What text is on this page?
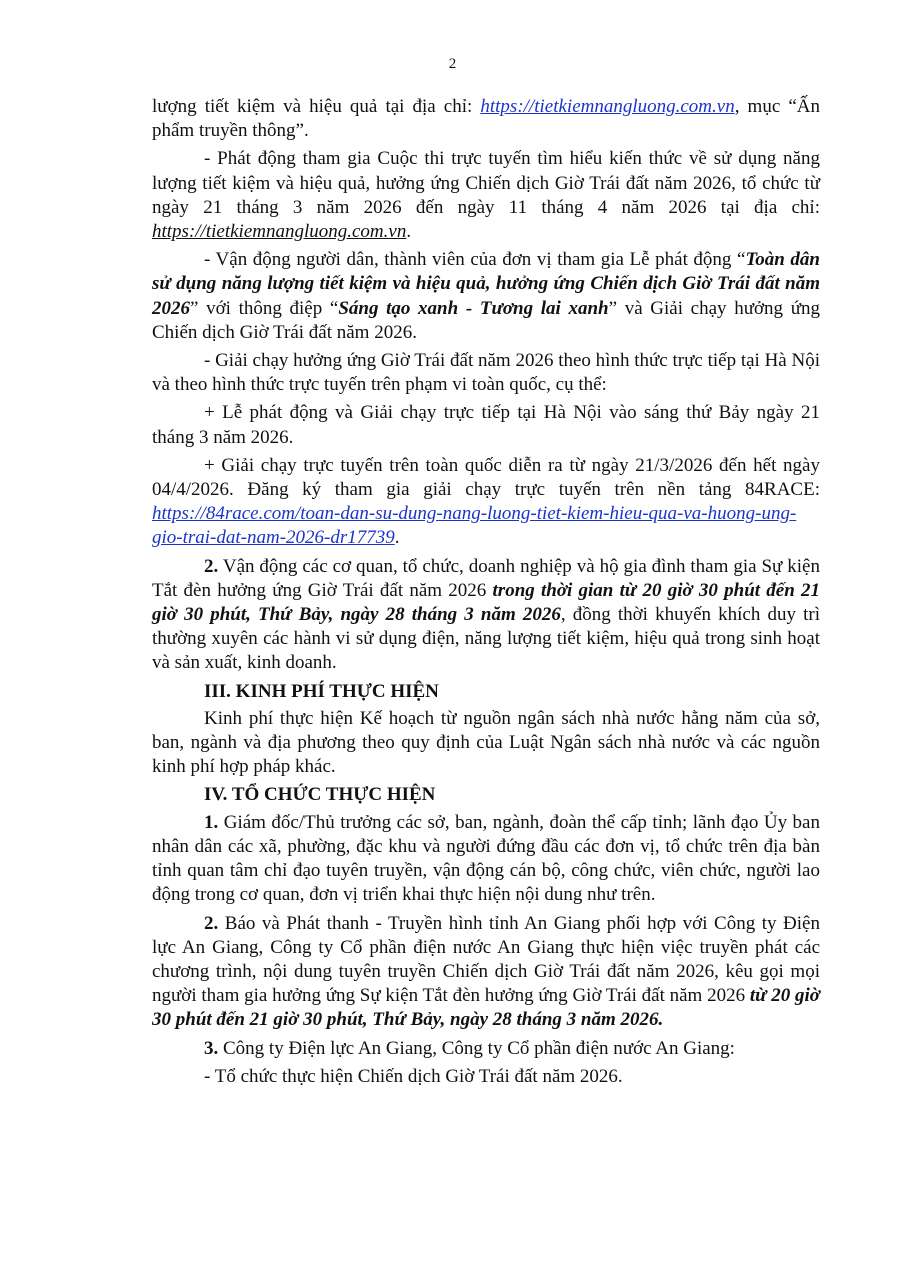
2

lượng tiết kiệm và hiệu quả tại địa chỉ: https://tietkiemnangluong.com.vn, mục “Ấn phẩm truyền thông”.

- Phát động tham gia Cuộc thi trực tuyến tìm hiểu kiến thức về sử dụng năng lượng tiết kiệm và hiệu quả, hưởng ứng Chiến dịch Giờ Trái đất năm 2026, tổ chức từ ngày 21 tháng 3 năm 2026 đến ngày 11 tháng 4 năm 2026 tại địa chỉ: https://tietkiemnangluong.com.vn.

- Vận động người dân, thành viên của đơn vị tham gia Lễ phát động “Toàn dân sử dụng năng lượng tiết kiệm và hiệu quả, hưởng ứng Chiến dịch Giờ Trái đất năm 2026” với thông điệp “Sáng tạo xanh - Tương lai xanh” và Giải chạy hưởng ứng Chiến dịch Giờ Trái đất năm 2026.

- Giải chạy hưởng ứng Giờ Trái đất năm 2026 theo hình thức trực tiếp tại Hà Nội và theo hình thức trực tuyến trên phạm vi toàn quốc, cụ thể:

+ Lễ phát động và Giải chạy trực tiếp tại Hà Nội vào sáng thứ Bảy ngày 21 tháng 3 năm 2026.

+ Giải chạy trực tuyến trên toàn quốc diễn ra từ ngày 21/3/2026 đến hết ngày 04/4/2026. Đăng ký tham gia giải chạy trực tuyến trên nền tảng 84RACE: https://84race.com/toan-dan-su-dung-nang-luong-tiet-kiem-hieu-qua-va-huong-ung-gio-trai-dat-nam-2026-dr17739.

2. Vận động các cơ quan, tổ chức, doanh nghiệp và hộ gia đình tham gia Sự kiện Tắt đèn hưởng ứng Giờ Trái đất năm 2026 trong thời gian từ 20 giờ 30 phút đến 21 giờ 30 phút, Thứ Bảy, ngày 28 tháng 3 năm 2026, đồng thời khuyến khích duy trì thường xuyên các hành vi sử dụng điện, năng lượng tiết kiệm, hiệu quả trong sinh hoạt và sản xuất, kinh doanh.

III. KINH PHÍ THỰC HIỆN

Kinh phí thực hiện Kế hoạch từ nguồn ngân sách nhà nước hằng năm của sở, ban, ngành và địa phương theo quy định của Luật Ngân sách nhà nước và các nguồn kinh phí hợp pháp khác.

IV. TỔ CHỨC THỰC HIỆN

1. Giám đốc/Thủ trưởng các sở, ban, ngành, đoàn thể cấp tỉnh; lãnh đạo Ủy ban nhân dân các xã, phường, đặc khu và người đứng đầu các đơn vị, tổ chức trên địa bàn tỉnh quan tâm chỉ đạo tuyên truyền, vận động cán bộ, công chức, viên chức, người lao động trong cơ quan, đơn vị triển khai thực hiện nội dung như trên.

2. Báo và Phát thanh - Truyền hình tỉnh An Giang phối hợp với Công ty Điện lực An Giang, Công ty Cổ phần điện nước An Giang thực hiện việc truyền phát các chương trình, nội dung tuyên truyền Chiến dịch Giờ Trái đất năm 2026, kêu gọi mọi người tham gia hưởng ứng Sự kiện Tắt đèn hưởng ứng Giờ Trái đất năm 2026 từ 20 giờ 30 phút đến 21 giờ 30 phút, Thứ Bảy, ngày 28 tháng 3 năm 2026.

3. Công ty Điện lực An Giang, Công ty Cổ phần điện nước An Giang:

- Tổ chức thực hiện Chiến dịch Giờ Trái đất năm 2026.
